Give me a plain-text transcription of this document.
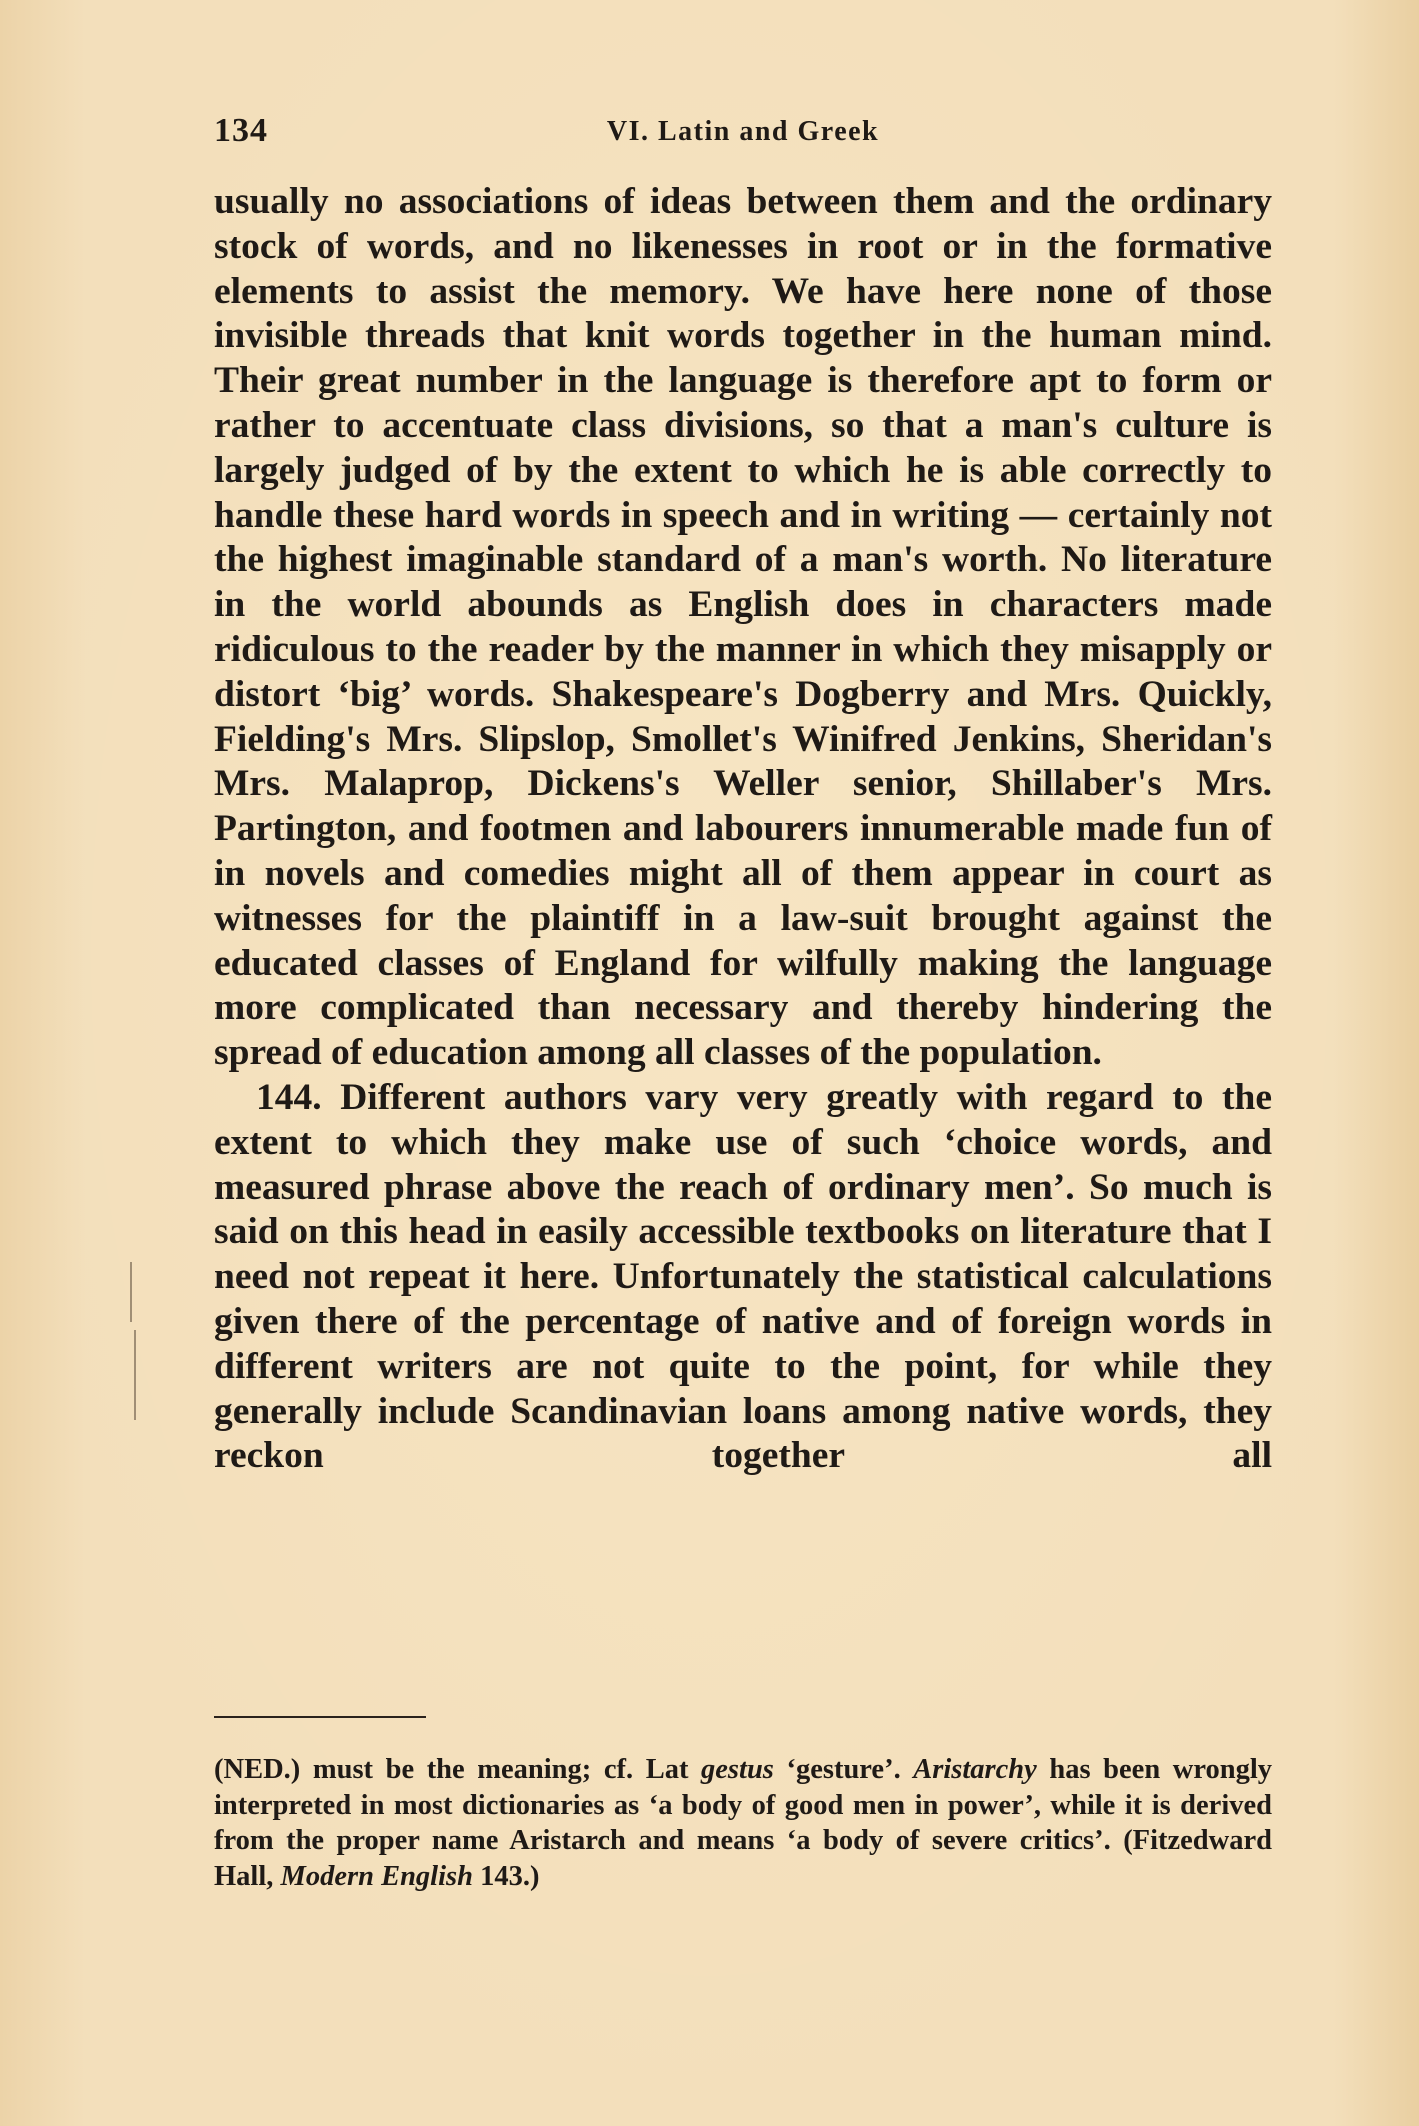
134	VI. Latin and Greek

usually no associations of ideas between them and the ordinary stock of words, and no likenesses in root or in the formative elements to assist the memory. We have here none of those invisible threads that knit words together in the human mind. Their great number in the language is therefore apt to form or rather to accentuate class divisions, so that a man's culture is largely judged of by the extent to which he is able correctly to handle these hard words in speech and in writing — certainly not the highest imaginable standard of a man's worth. No literature in the world abounds as English does in characters made ridiculous to the reader by the manner in which they misapply or distort ‘big’ words. Shakespeare's Dogberry and Mrs. Quickly, Fielding's Mrs. Slipslop, Smollet's Winifred Jenkins, Sheridan's Mrs. Malaprop, Dickens's Weller senior, Shillaber's Mrs. Partington, and footmen and labourers innumerable made fun of in novels and comedies might all of them appear in court as witnesses for the plaintiff in a law-suit brought against the educated classes of England for wilfully making the language more complicated than necessary and thereby hindering the spread of education among all classes of the population.

144. Different authors vary very greatly with regard to the extent to which they make use of such ‘choice words, and measured phrase above the reach of ordinary men’. So much is said on this head in easily accessible textbooks on literature that I need not repeat it here. Unfortunately the statistical calculations given there of the percentage of native and of foreign words in different writers are not quite to the point, for while they generally include Scandinavian loans among native words, they reckon together all

(NED.) must be the meaning; cf. Lat gestus ‘gesture’. Aristarchy has been wrongly interpreted in most dictionaries as ‘a body of good men in power’, while it is derived from the proper name Aristarch and means ‘a body of severe critics’. (Fitzedward Hall, Modern English 143.)
